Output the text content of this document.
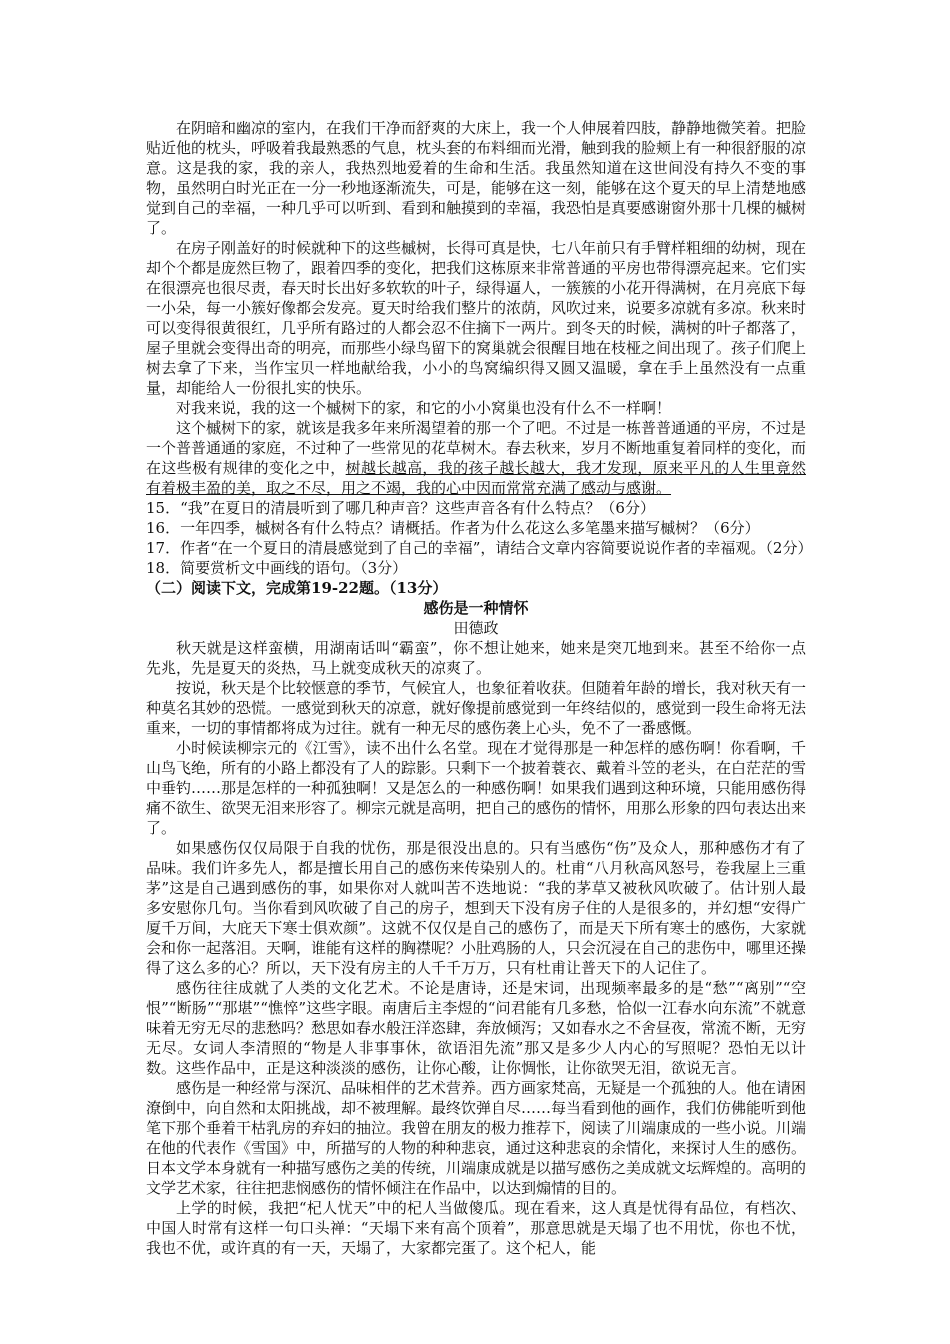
在阴暗和幽凉的室内，在我们干净而舒爽的大床上，我一个人伸展着四肢，静静地微笑着。把脸贴近他的枕头，呼吸着我最熟悉的气息，枕头套的布料细而光滑，触到我的脸颊上有一种很舒服的凉意。这是我的家，我的亲人，我热烈地爱着的生命和生活。我虽然知道在这世间没有持久不变的事物，虽然明白时光正在一分一秒地逐渐流失，可是，能够在这一刻，能够在这个夏天的早上清楚地感觉到自己的幸福，一种几乎可以听到、看到和触摸到的幸福，我恐怕是真要感谢窗外那十几棵的槭树了。

在房子刚盖好的时候就种下的这些槭树，长得可真是快，七八年前只有手臂样粗细的幼树，现在却个个都是庞然巨物了，跟着四季的变化，把我们这栋原来非常普通的平房也带得漂亮起来。它们实在很漂亮也很尽责，春天时长出好多软软的叶子，绿得逼人，一簇簇的小花开得满树，在月亮底下每一小朵，每一小簇好像都会发亮。夏天时给我们整片的浓荫，风吹过来，说要多凉就有多凉。秋来时可以变得很黄很红，几乎所有路过的人都会忍不住摘下一两片。到冬天的时候，满树的叶子都落了，屋子里就会变得出奇的明亮，而那些小绿鸟留下的窝巢就会很醒目地在枝桠之间出现了。孩子们爬上树去拿了下来，当作宝贝一样地献给我，小小的鸟窝编织得又圆又温暖，拿在手上虽然没有一点重量，却能给人一份很扎实的快乐。

对我来说，我的这一个槭树下的家，和它的小小窝巢也没有什么不一样啊！

这个槭树下的家，就该是我多年来所渴望着的那一个了吧。不过是一栋普普通通的平房，不过是一个普普通通的家庭，不过种了一些常见的花草树木。春去秋来，岁月不断地重复着同样的变化，而在这些极有规律的变化之中，树越长越高，我的孩子越长越大，我才发现，原来平凡的人生里竟然有着极丰盈的美，取之不尽，用之不竭，我的心中因而常常充满了感动与感谢。

15．“我”在夏日的清晨听到了哪几种声音？这些声音各有什么特点？（6分）

16．一年四季，槭树各有什么特点？请概括。作者为什么花这么多笔墨来描写槭树？（6分）

17．作者“在一个夏日的清晨感觉到了自己的幸福”，请结合文章内容简要说说作者的幸福观。（2分）

18．简要赏析文中画线的语句。（3分）

（二）阅读下文，完成第19-22题。（13分）

感伤是一种情怀

田德政

秋天就是这样蛮横，用湖南话叫“霸蛮”，你不想让她来，她来是突兀地到来。甚至不给你一点先兆，先是夏天的炎热，马上就变成秋天的凉爽了。

按说，秋天是个比较惬意的季节，气候宜人，也象征着收获。但随着年龄的增长，我对秋天有一种莫名其妙的恐慌。一感觉到秋天的凉意，就好像提前感觉到一年终结似的，感觉到一段生命将无法重来，一切的事情都将成为过往。就有一种无尽的感伤袭上心头，免不了一番感慨。

小时候读柳宗元的《江雪》，读不出什么名堂。现在才觉得那是一种怎样的感伤啊！你看啊，千山鸟飞绝，所有的小路上都没有了人的踪影。只剩下一个披着蓑衣、戴着斗笠的老头，在白茫茫的雪中垂钓……那是怎样的一种孤独啊！又是怎么的一种感伤啊！如果我们遇到这种环境，只能用感伤得痛不欲生、欲哭无泪来形容了。柳宗元就是高明，把自己的感伤的情怀，用那么形象的四句表达出来了。

如果感伤仅仅局限于自我的忧伤，那是很没出息的。只有当感伤“伤”及众人，那种感伤才有了品味。我们许多先人，都是擅长用自己的感伤来传染别人的。杜甫“八月秋高风怒号，卷我屋上三重茅”这是自己遇到感伤的事，如果你对人就叫苦不迭地说：“我的茅草又被秋风吹破了。估计别人最多安慰你几句。当你看到风吹破了自己的房子，想到天下没有房子住的人是很多的，并幻想“安得广厦千万间，大庇天下寒士俱欢颜”。这就不仅仅是自己的感伤了，而是天下所有寒士的感伤，大家就会和你一起落泪。天啊，谁能有这样的胸襟呢？小肚鸡肠的人，只会沉浸在自己的悲伤中，哪里还操得了这么多的心？所以，天下没有房主的人千千万万，只有杜甫让普天下的人记住了。

感伤往往成就了人类的文化艺术。不论是唐诗，还是宋词，出现频率最多的是“愁”“离别”“空恨”“断肠”“那堪”“憔悴”这些字眼。南唐后主李煜的“问君能有几多愁，恰似一江春水向东流”不就意味着无穷无尽的悲愁吗？愁思如春水般汪洋恣肆，奔放倾泻；又如春水之不舍昼夜，常流不断，无穷无尽。女词人李清照的“物是人非事事休，欲语泪先流”那又是多少人内心的写照呢？恐怕无以计数。这些作品中，正是这种淡淡的感伤，让你心酸，让你惆怅，让你欲哭无泪，欲说无言。

感伤是一种经常与深沉、品味相伴的艺术营养。西方画家梵高，无疑是一个孤独的人。他在请困潦倒中，向自然和太阳挑战，却不被理解。最终饮弹自尽……每当看到他的画作，我们仿佛能听到他笔下那个垂着干枯乳房的弃妇的抽泣。我曾在朋友的极力推荐下，阅读了川端康成的一些小说。川端在他的代表作《雪国》中，所描写的人物的种种悲哀，通过这种悲哀的余情化，来探讨人生的感伤。日本文学本身就有一种描写感伤之美的传统，川端康成就是以描写感伤之美成就文坛辉煌的。高明的文学艺术家，往往把悲悯感伤的情怀倾注在作品中，以达到煽情的目的。

上学的时候，我把“杞人忧天”中的杞人当做傻瓜。现在看来，这人真是忧得有品位，有档次、中国人时常有这样一句口头禅：“天塌下来有高个顶着”，那意思就是天塌了也不用忧，你也不忧，我也不优，或许真的有一天，天塌了，大家都完蛋了。这个杞人，能
